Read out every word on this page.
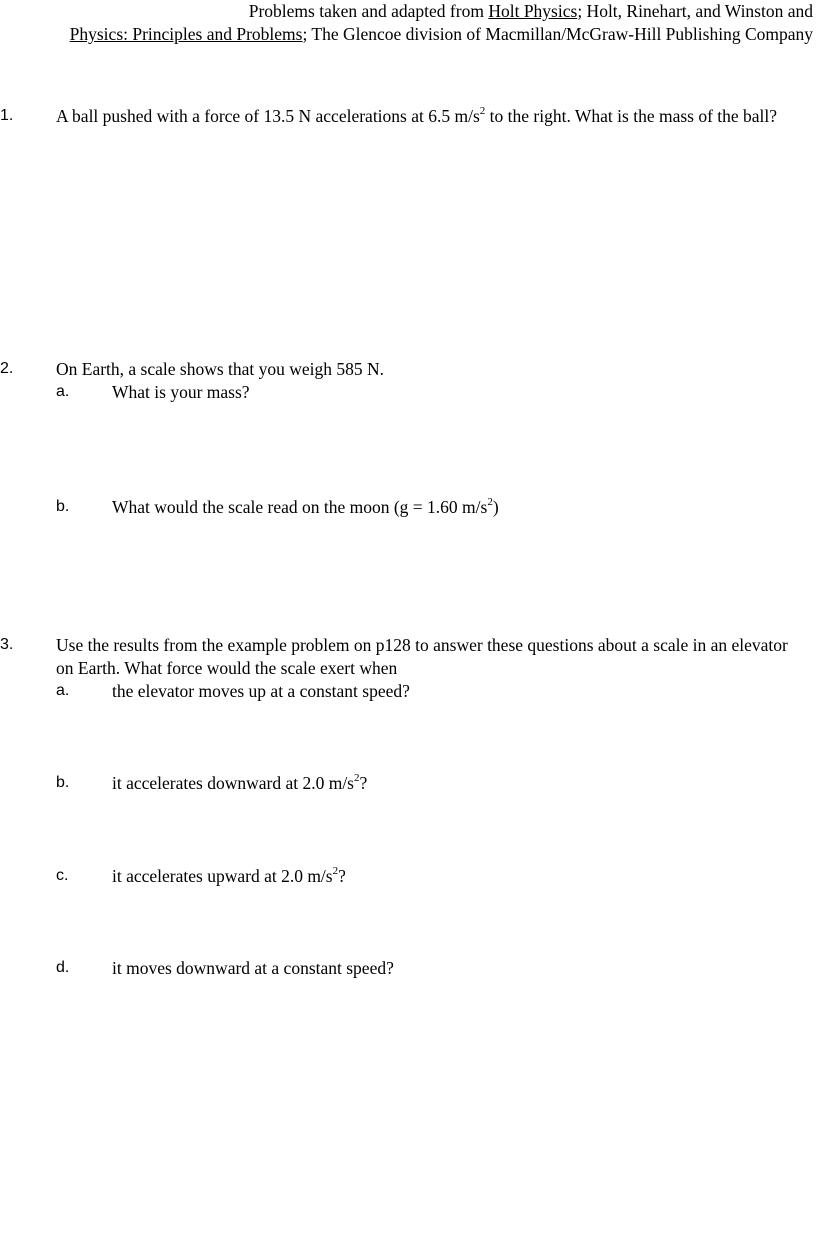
Problems taken and adapted from Holt Physics; Holt, Rinehart, and Winston and
Physics: Principles and Problems; The Glencoe division of Macmillan/McGraw-Hill Publishing Company
1. A ball pushed with a force of 13.5 N accelerations at 6.5 $m/s^2$ to the right. What is the mass of the ball?
2. On Earth, a scale shows that you weigh 585 N.
a. What is your mass?
b. What would the scale read on the moon (g = 1.60 $m/s^2$)
3. Use the results from the example problem on p128 to answer these questions about a scale in an elevator on Earth. What force would the scale exert when
a. the elevator moves up at a constant speed?
b. it accelerates downward at 2.0 $m/s^2$?
c. it accelerates upward at 2.0 $m/s^2$?
d. it moves downward at a constant speed?
